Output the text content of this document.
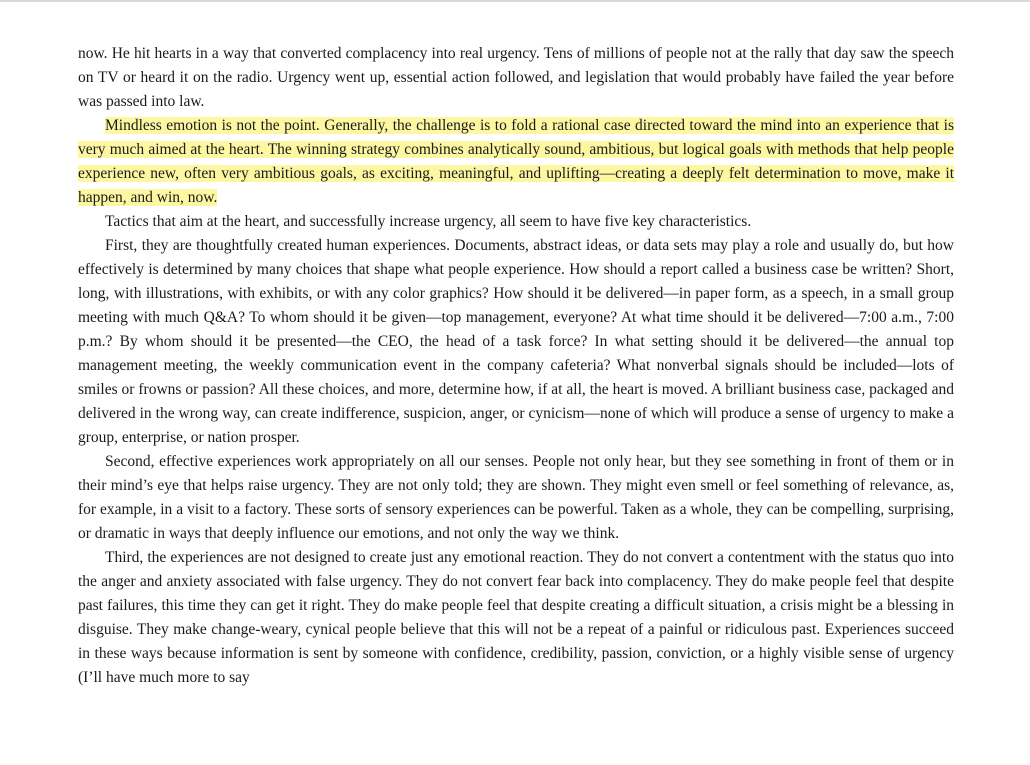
now. He hit hearts in a way that converted complacency into real urgency. Tens of millions of people not at the rally that day saw the speech on TV or heard it on the radio. Urgency went up, essential action followed, and legislation that would probably have failed the year before was passed into law.

Mindless emotion is not the point. Generally, the challenge is to fold a rational case directed toward the mind into an experience that is very much aimed at the heart. The winning strategy combines analytically sound, ambitious, but logical goals with methods that help people experience new, often very ambitious goals, as exciting, meaningful, and uplifting—creating a deeply felt determination to move, make it happen, and win, now.

Tactics that aim at the heart, and successfully increase urgency, all seem to have five key characteristics.

First, they are thoughtfully created human experiences. Documents, abstract ideas, or data sets may play a role and usually do, but how effectively is determined by many choices that shape what people experience. How should a report called a business case be written? Short, long, with illustrations, with exhibits, or with any color graphics? How should it be delivered—in paper form, as a speech, in a small group meeting with much Q&A? To whom should it be given—top management, everyone? At what time should it be delivered—7:00 a.m., 7:00 p.m.? By whom should it be presented—the CEO, the head of a task force? In what setting should it be delivered—the annual top management meeting, the weekly communication event in the company cafeteria? What nonverbal signals should be included—lots of smiles or frowns or passion? All these choices, and more, determine how, if at all, the heart is moved. A brilliant business case, packaged and delivered in the wrong way, can create indifference, suspicion, anger, or cynicism—none of which will produce a sense of urgency to make a group, enterprise, or nation prosper.

Second, effective experiences work appropriately on all our senses. People not only hear, but they see something in front of them or in their mind’s eye that helps raise urgency. They are not only told; they are shown. They might even smell or feel something of relevance, as, for example, in a visit to a factory. These sorts of sensory experiences can be powerful. Taken as a whole, they can be compelling, surprising, or dramatic in ways that deeply influence our emotions, and not only the way we think.

Third, the experiences are not designed to create just any emotional reaction. They do not convert a contentment with the status quo into the anger and anxiety associated with false urgency. They do not convert fear back into complacency. They do make people feel that despite past failures, this time they can get it right. They do make people feel that despite creating a difficult situation, a crisis might be a blessing in disguise. They make change-weary, cynical people believe that this will not be a repeat of a painful or ridiculous past. Experiences succeed in these ways because information is sent by someone with confidence, credibility, passion, conviction, or a highly visible sense of urgency (I’ll have much more to say
